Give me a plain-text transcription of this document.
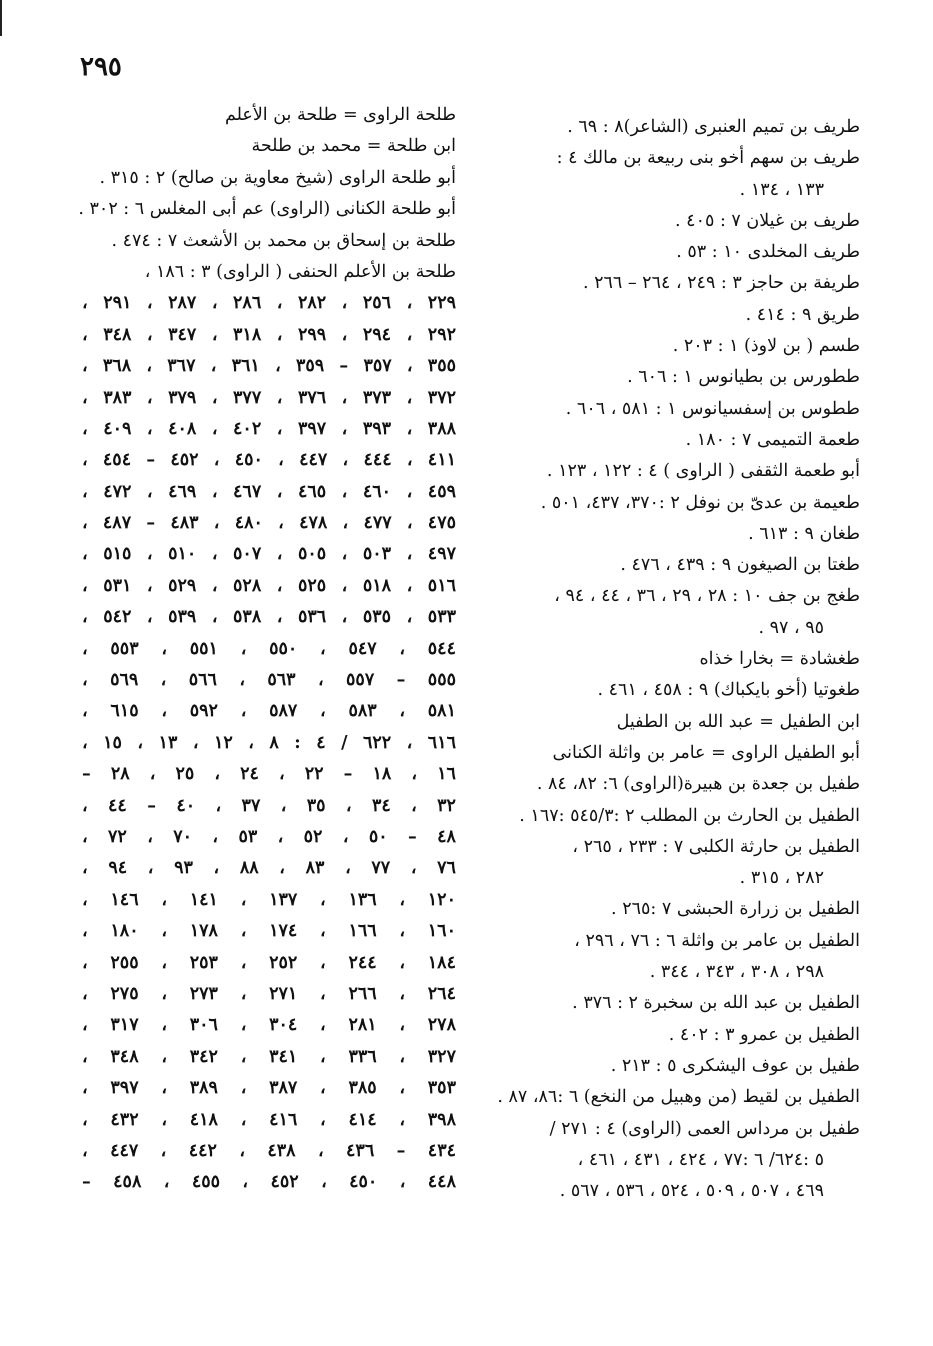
٢٩٥
طريف بن تميم العنبرى (الشاعر)٨ : ٦٩ .
طريف بن سهم أخو بنى ربيعة بن مالك ٤ :
١٣٣ ، ١٣٤ .
طريف بن غيلان ٧ : ٤٠٥ .
طريف المخلدى ١٠ : ٥٣ .
طريفة بن حاجز ٣ : ٢٤٩ ، ٢٦٤ – ٢٦٦ .
طريق ٩ : ٤١٤ .
طسم ( بن لاوذ) ١ : ٢٠٣ .
ططورس بن بطيانوس ١ : ٦٠٦ .
ططوس بن إسفسيانوس ١ : ٥٨١ ، ٦٠٦ .
طعمة التميمى ٧ : ١٨٠ .
أبو طعمة الثقفى ( الراوى ) ٤ : ١٢٢ ، ١٢٣ .
طعيمة بن عدىّ بن نوفل ٢ :٣٧٠، ٤٣٧، ٥٠١ .
طغان ٩ : ٦١٣ .
طغتا بن الصيغون ٩ : ٤٣٩ ، ٤٧٦ .
طغج بن جف ١٠ : ٢٨ ، ٢٩ ، ٣٦ ، ٤٤ ، ٩٤ ،
٩٥ ، ٩٧ .
طغشادة = بخارا خذاه
طغوتيا (أخو بايكباك) ٩ : ٤٥٨ ، ٤٦١ .
ابن الطفيل = عبد الله بن الطفيل
أبو الطفيل الراوى = عامر بن واثلة الكنانى
طفيل بن جعدة بن هبيرة(الراوى) ٦: ٨٢، ٨٤ .
الطفيل بن الحارث بن المطلب ٢ :٥٤٥/٣ :١٦٧ .
الطفيل بن حارثة الكلبى ٧ : ٢٣٣ ، ٢٦٥ ،
٢٨٢ ، ٣١٥ .
الطفيل بن زرارة الحبشى ٧ :٢٦٥ .
الطفيل بن عامر بن واثلة ٦ : ٧٦ ، ٢٩٦ ،
٢٩٨ ، ٣٠٨ ، ٣٤٣ ، ٣٤٤ .
الطفيل بن عبد الله بن سخبرة ٢ : ٣٧٦ .
الطفيل بن عمرو ٣ : ٤٠٢ .
طفيل بن عوف اليشكرى ٥ : ٢١٣ .
الطفيل بن لقيط (من وهبيل من النخع) ٦ :٨٦، ٨٧ .
طفيل بن مرداس العمى (الراوى) ٤ : ٢٧١ /
٥ :٦٢٤/ ٦ :٧٧ ، ٤٢٤ ، ٤٣١ ، ٤٦١ ،
٤٦٩ ، ٥٠٧ ، ٥٠٩ ، ٥٢٤ ، ٥٣٦ ، ٥٦٧ .
طلحة الراوى = طلحة بن الأعلم
ابن طلحة = محمد بن طلحة
أبو طلحة الراوى (شيخ معاوية بن صالح) ٢ : ٣١٥ .
أبو طلحة الكنانى (الراوى) عم أبى المغلس ٦ : ٣٠٢ .
طلحة بن إسحاق بن محمد بن الأشعث ٧ : ٤٧٤ .
طلحة بن الأعلم الحنفى ( الراوى) ٣ : ١٨٦ ،
٢٢٩ ، ٢٥٦ ، ٢٨٢ ، ٢٨٦ ، ٢٨٧ ، ٢٩١ ،
٢٩٢ ، ٢٩٤ ، ٢٩٩ ، ٣١٨ ، ٣٤٧ ، ٣٤٨ ،
٣٥٥ ، ٣٥٧ – ٣٥٩ ، ٣٦١ ، ٣٦٧ ، ٣٦٨ ،
٣٧٢ ، ٣٧٣ ، ٣٧٦ ، ٣٧٧ ، ٣٧٩ ، ٣٨٣ ،
٣٨٨ ، ٣٩٣ ، ٣٩٧ ، ٤٠٢ ، ٤٠٨ ، ٤٠٩ ،
٤١١ ، ٤٤٤ ، ٤٤٧ ، ٤٥٠ ، ٤٥٢ – ٤٥٤ ،
٤٥٩ ، ٤٦٠ ، ٤٦٥ ، ٤٦٧ ، ٤٦٩ ، ٤٧٢ ،
٤٧٥ ، ٤٧٧ ، ٤٧٨ ، ٤٨٠ ، ٤٨٣ – ٤٨٧ ،
٤٩٧ ، ٥٠٣ ، ٥٠٥ ، ٥٠٧ ، ٥١٠ ، ٥١٥ ،
٥١٦ ، ٥١٨ ، ٥٢٥ ، ٥٢٨ ، ٥٢٩ ، ٥٣١ ،
٥٣٣ ، ٥٣٥ ، ٥٣٦ ، ٥٣٨ ، ٥٣٩ ، ٥٤٢ ،
٥٤٤ ، ٥٤٧ ، ٥٥٠ ، ٥٥١ ، ٥٥٣ ،
٥٥٥ – ٥٥٧ ، ٥٦٣ ، ٥٦٦ ، ٥٦٩ ،
٥٨١ ، ٥٨٣ ، ٥٨٧ ، ٥٩٢ ، ٦١٥ ،
٦١٦ ، ٦٢٢ / ٤ : ٨ ، ١٢ ، ١٣ ، ١٥ ،
١٦ ، ١٨ – ٢٢ ، ٢٤ ، ٢٥ ، ٢٨ –
٣٢ ، ٣٤ ، ٣٥ ، ٣٧ ، ٤٠ – ٤٤ ،
٤٨ – ٥٠ ، ٥٢ ، ٥٣ ، ٧٠ ، ٧٢ ،
٧٦ ، ٧٧ ، ٨٣ ، ٨٨ ، ٩٣ ، ٩٤ ،
١٢٠ ، ١٣٦ ، ١٣٧ ، ١٤١ ، ١٤٦ ،
١٦٠ ، ١٦٦ ، ١٧٤ ، ١٧٨ ، ١٨٠ ،
١٨٤ ، ٢٤٤ ، ٢٥٢ ، ٢٥٣ ، ٢٥٥ ،
٢٦٤ ، ٢٦٦ ، ٢٧١ ، ٢٧٣ ، ٢٧٥ ،
٢٧٨ ، ٢٨١ ، ٣٠٤ ، ٣٠٦ ، ٣١٧ ،
٣٢٧ ، ٣٣٦ ، ٣٤١ ، ٣٤٢ ، ٣٤٨ ،
٣٥٣ ، ٣٨٥ ، ٣٨٧ ، ٣٨٩ ، ٣٩٧ ،
٣٩٨ ، ٤١٤ ، ٤١٦ ، ٤١٨ ، ٤٣٢ ،
٤٣٤ – ٤٣٦ ، ٤٣٨ ، ٤٤٢ ، ٤٤٧ ،
٤٤٨ ، ٤٥٠ ، ٤٥٢ ، ٤٥٥ ، ٤٥٨ –
